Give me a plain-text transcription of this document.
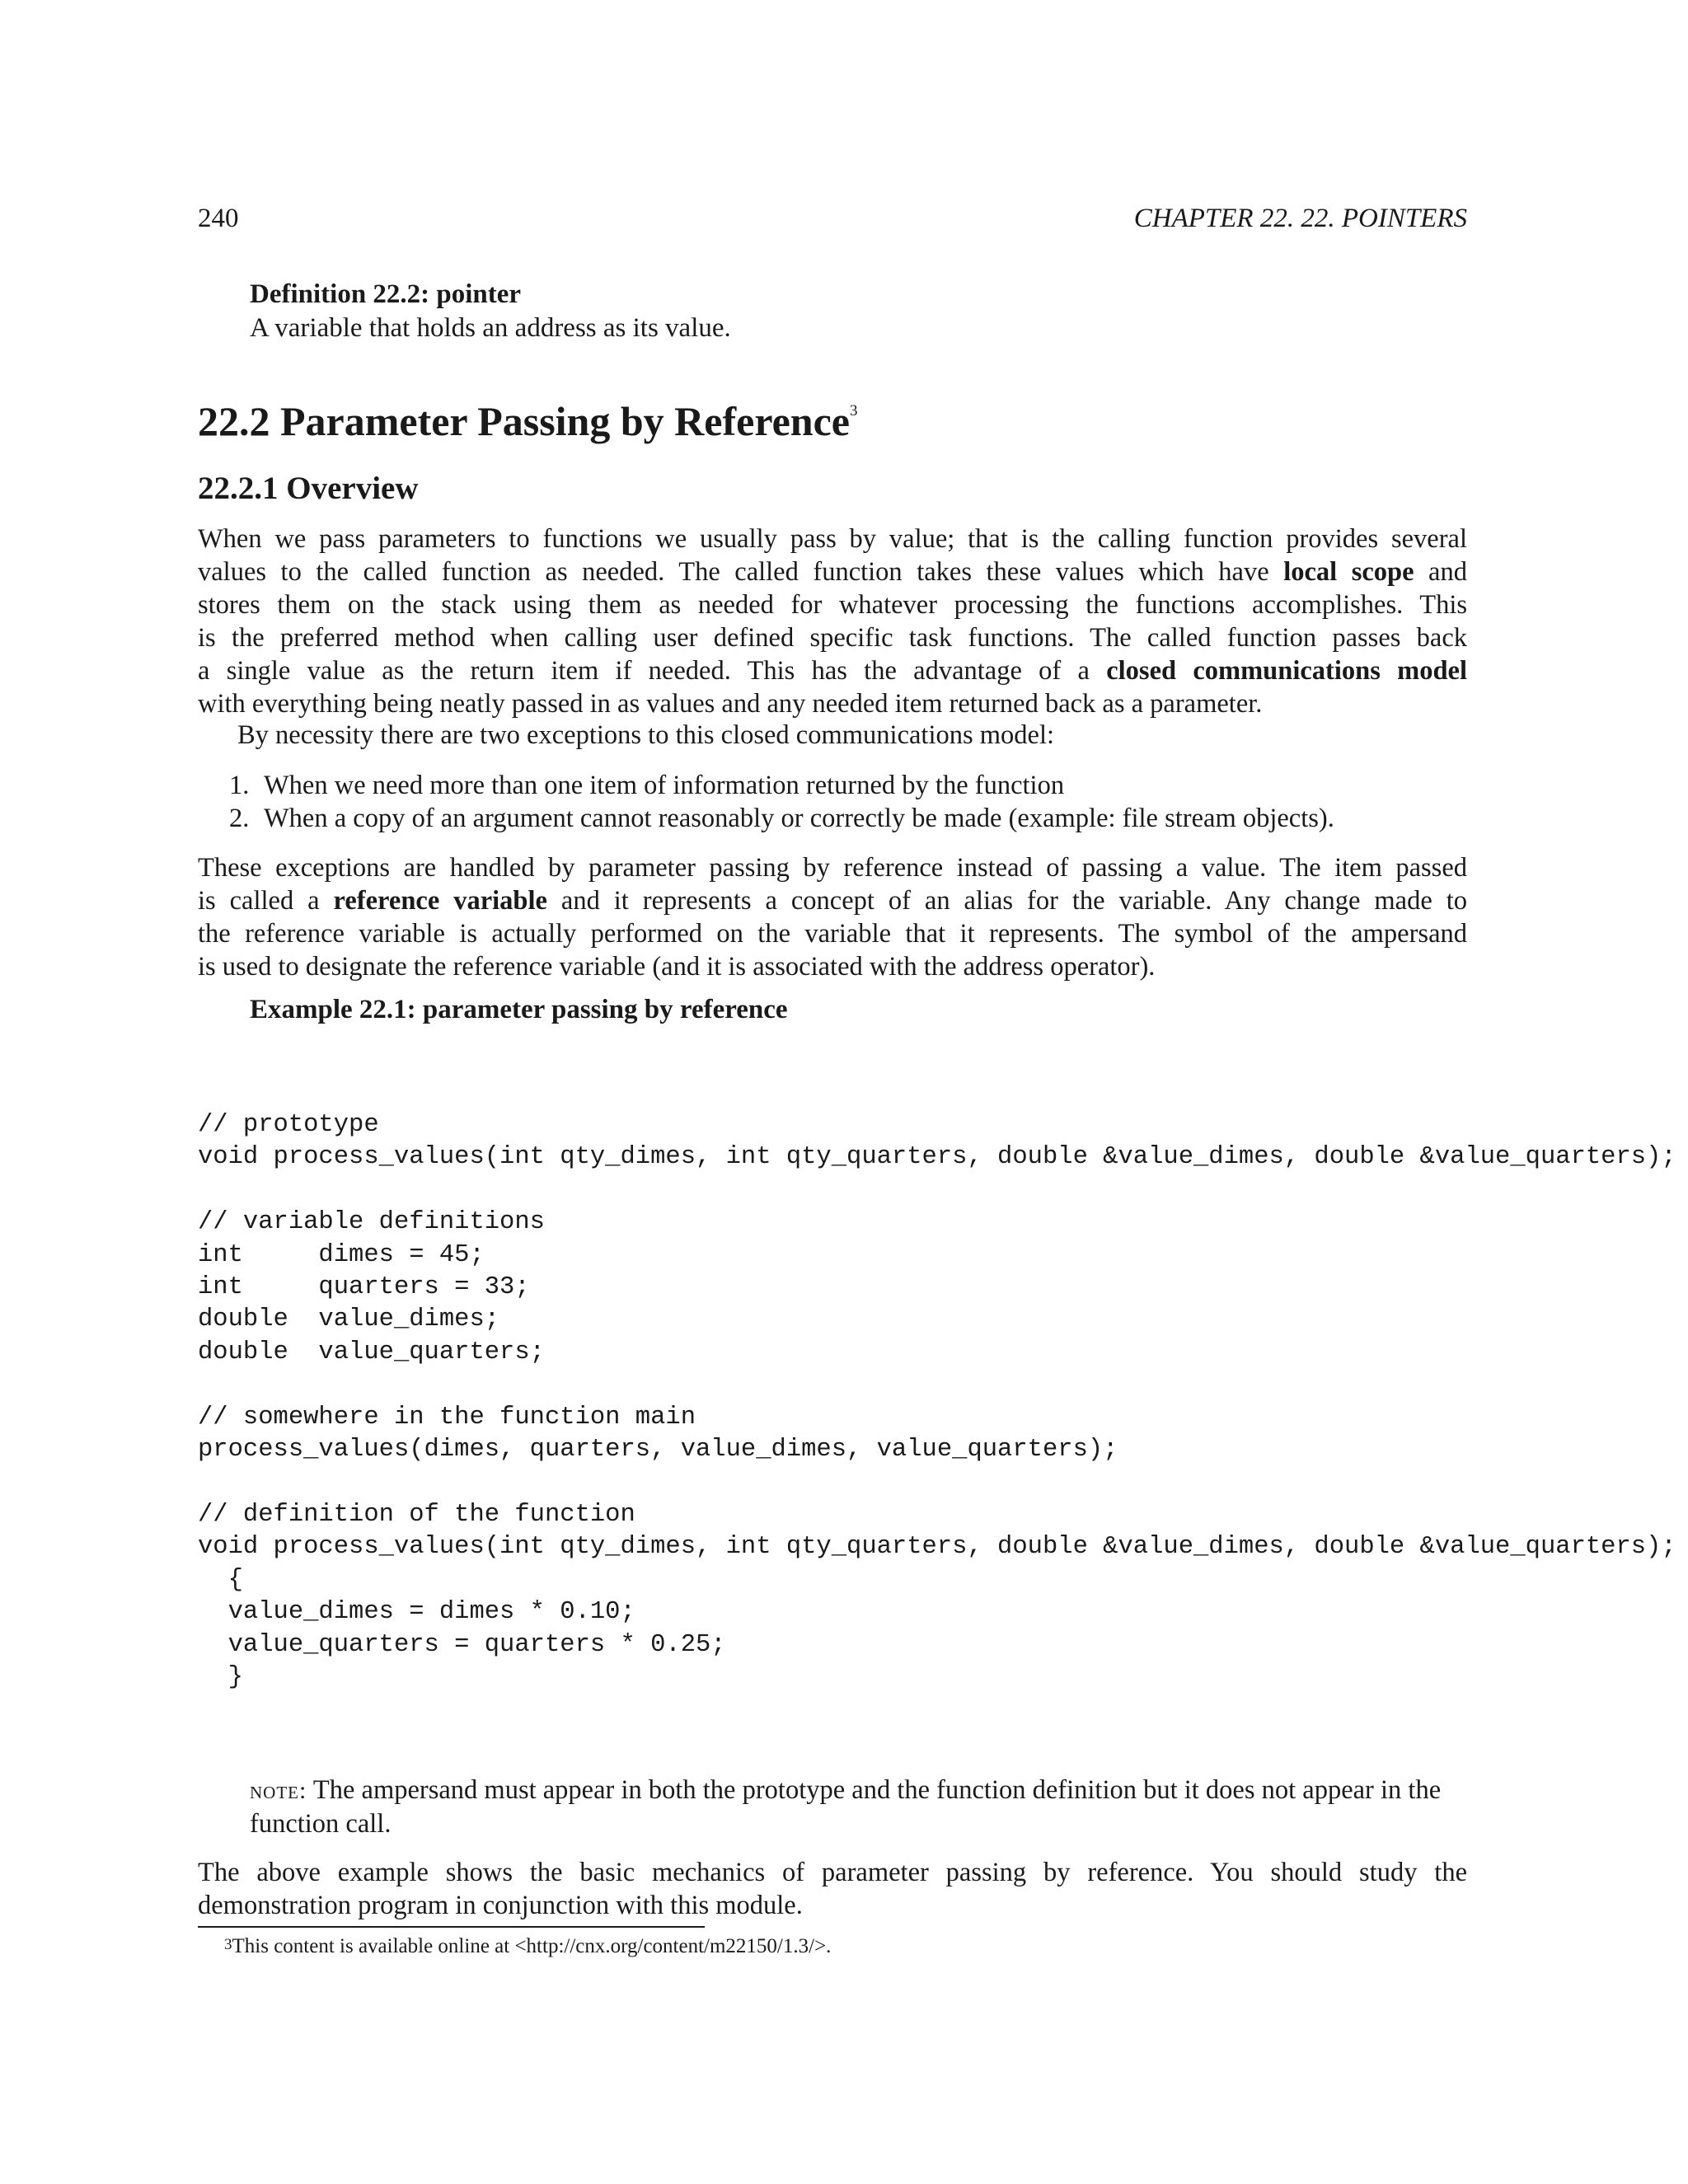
240	CHAPTER 22. 22. POINTERS
Definition 22.2: pointer
A variable that holds an address as its value.
22.2 Parameter Passing by Reference$^3$
22.2.1 Overview

When we pass parameters to functions we usually pass by value; that is the calling function provides several
values to the called function as needed. The called function takes these values which have local scope and
stores them on the stack using them as needed for whatever processing the functions accomplishes. This
is the preferred method when calling user defined specific task functions. The called function passes back
a single value as the return item if needed. This has the advantage of a closed communications model
with everything being neatly passed in as values and any needed item returned back as a parameter.

By necessity there are two exceptions to this closed communications model:

1. When we need more than one item of information returned by the function
2. When a copy of an argument cannot reasonably or correctly be made (example: file stream objects).

These exceptions are handled by parameter passing by reference instead of passing a value. The item passed
is called a reference variable and it represents a concept of an alias for the variable. Any change made to
the reference variable is actually performed on the variable that it represents. The symbol of the ampersand
is used to designate the reference variable (and it is associated with the address operator).

Example 22.1: parameter passing by reference
// prototype
void process_values(int qty_dimes, int qty_quarters, double &value_dimes, double &value_quarters);

// variable definitions
int     dimes = 45;
int     quarters = 33;
double  value_dimes;
double  value_quarters;

// somewhere in the function main
process_values(dimes, quarters, value_dimes, value_quarters);

// definition of the function
void process_values(int qty_dimes, int qty_quarters, double &value_dimes, double &value_quarters);
{
value_dimes = dimes * 0.10;
value_quarters = quarters * 0.25;
}
note: The ampersand must appear in both the prototype and the function definition but it does not appear in the function call.

The above example shows the basic mechanics of parameter passing by reference. You should study the
demonstration program in conjunction with this module.

$^3$This content is available online at <http://cnx.org/content/m22150/1.3/>.
